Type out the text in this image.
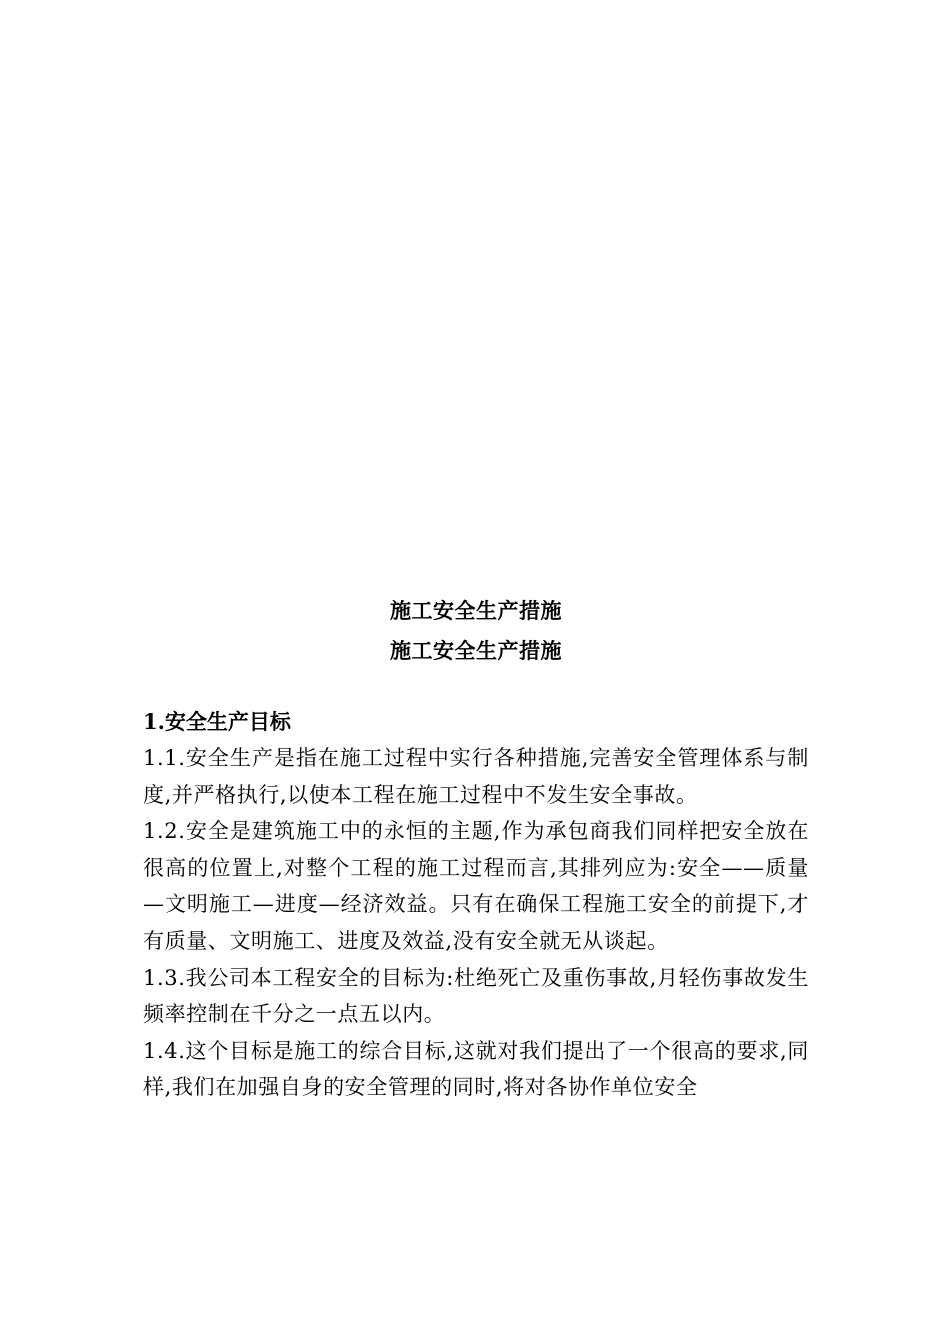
施工安全生产措施

施工安全生产措施

1.安全生产目标

1.1.安全生产是指在施工过程中实行各种措施,完善安全管理体系与制度,并严格执行,以使本工程在施工过程中不发生安全事故。

1.2.安全是建筑施工中的永恒的主题,作为承包商我们同样把安全放在很高的位置上,对整个工程的施工过程而言,其排列应为:安全——质量—文明施工—进度—经济效益。只有在确保工程施工安全的前提下,才有质量、文明施工、进度及效益,没有安全就无从谈起。

1.3.我公司本工程安全的目标为:杜绝死亡及重伤事故,月轻伤事故发生频率控制在千分之一点五以内。

1.4.这个目标是施工的综合目标,这就对我们提出了一个很高的要求,同样,我们在加强自身的安全管理的同时,将对各协作单位安全
